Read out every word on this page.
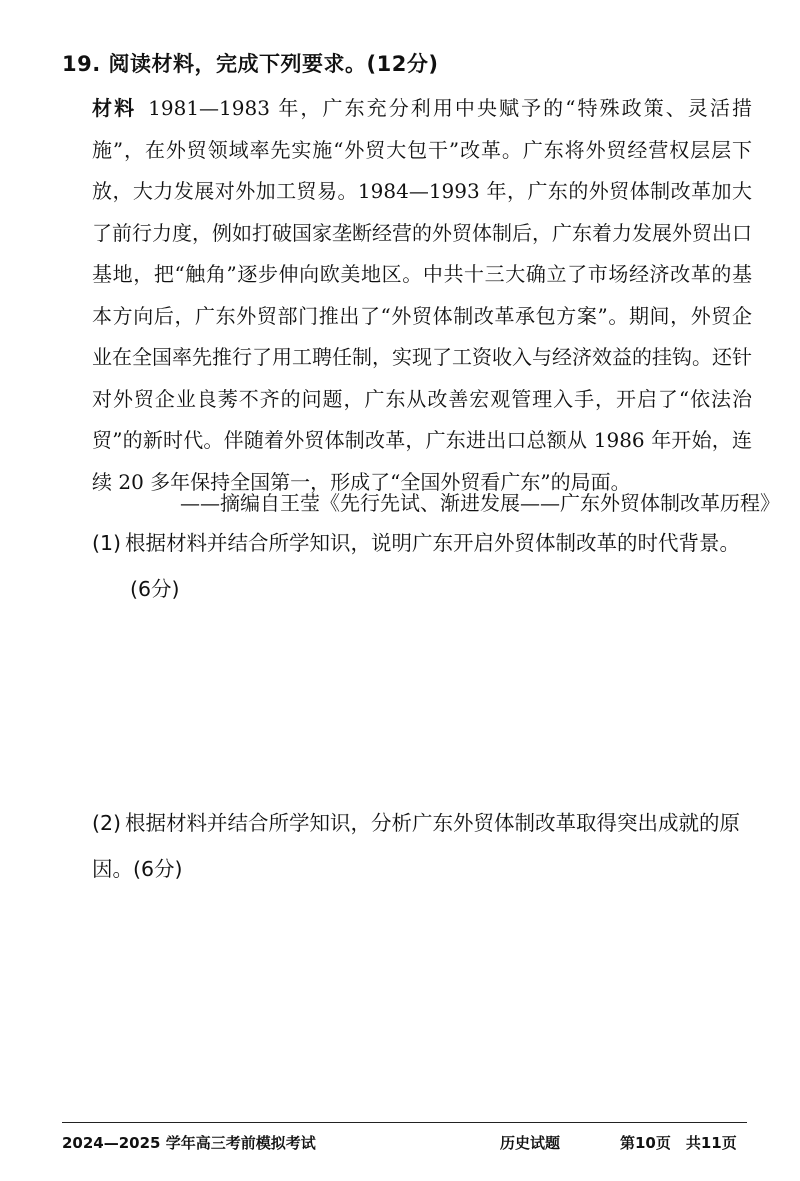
19. 阅读材料，完成下列要求。(12分)
材料 1981—1983 年，广东充分利用中央赋予的“特殊政策、灵活措施”，在外贸领域率先实施“外贸大包干”改革。广东将外贸经营权层层下放，大力发展对外加工贸易。1984—1993 年，广东的外贸体制改革加大了前行力度，例如打破国家垄断经营的外贸体制后，广东着力发展外贸出口基地，把“触角”逐步伸向欧美地区。中共十三大确立了市场经济改革的基本方向后，广东外贸部门推出了“外贸体制改革承包方案”。期间，外贸企业在全国率先推行了用工聘任制，实现了工资收入与经济效益的挂钩。还针对外贸企业良莠不齐的问题，广东从改善宏观管理入手，开启了“依法治贸”的新时代。伴随着外贸体制改革，广东进出口总额从 1986 年开始，连续 20 多年保持全国第一，形成了“全国外贸看广东”的局面。
——摘编自王莹《先行先试、渐进发展——广东外贸体制改革历程》
(1) 根据材料并结合所学知识，说明广东开启外贸体制改革的时代背景。
(6分)
(2) 根据材料并结合所学知识，分析广东外贸体制改革取得突出成就的原因。(6分)
2024—2025 学年高三考前模拟考试	历史试题	第10页　共11页
